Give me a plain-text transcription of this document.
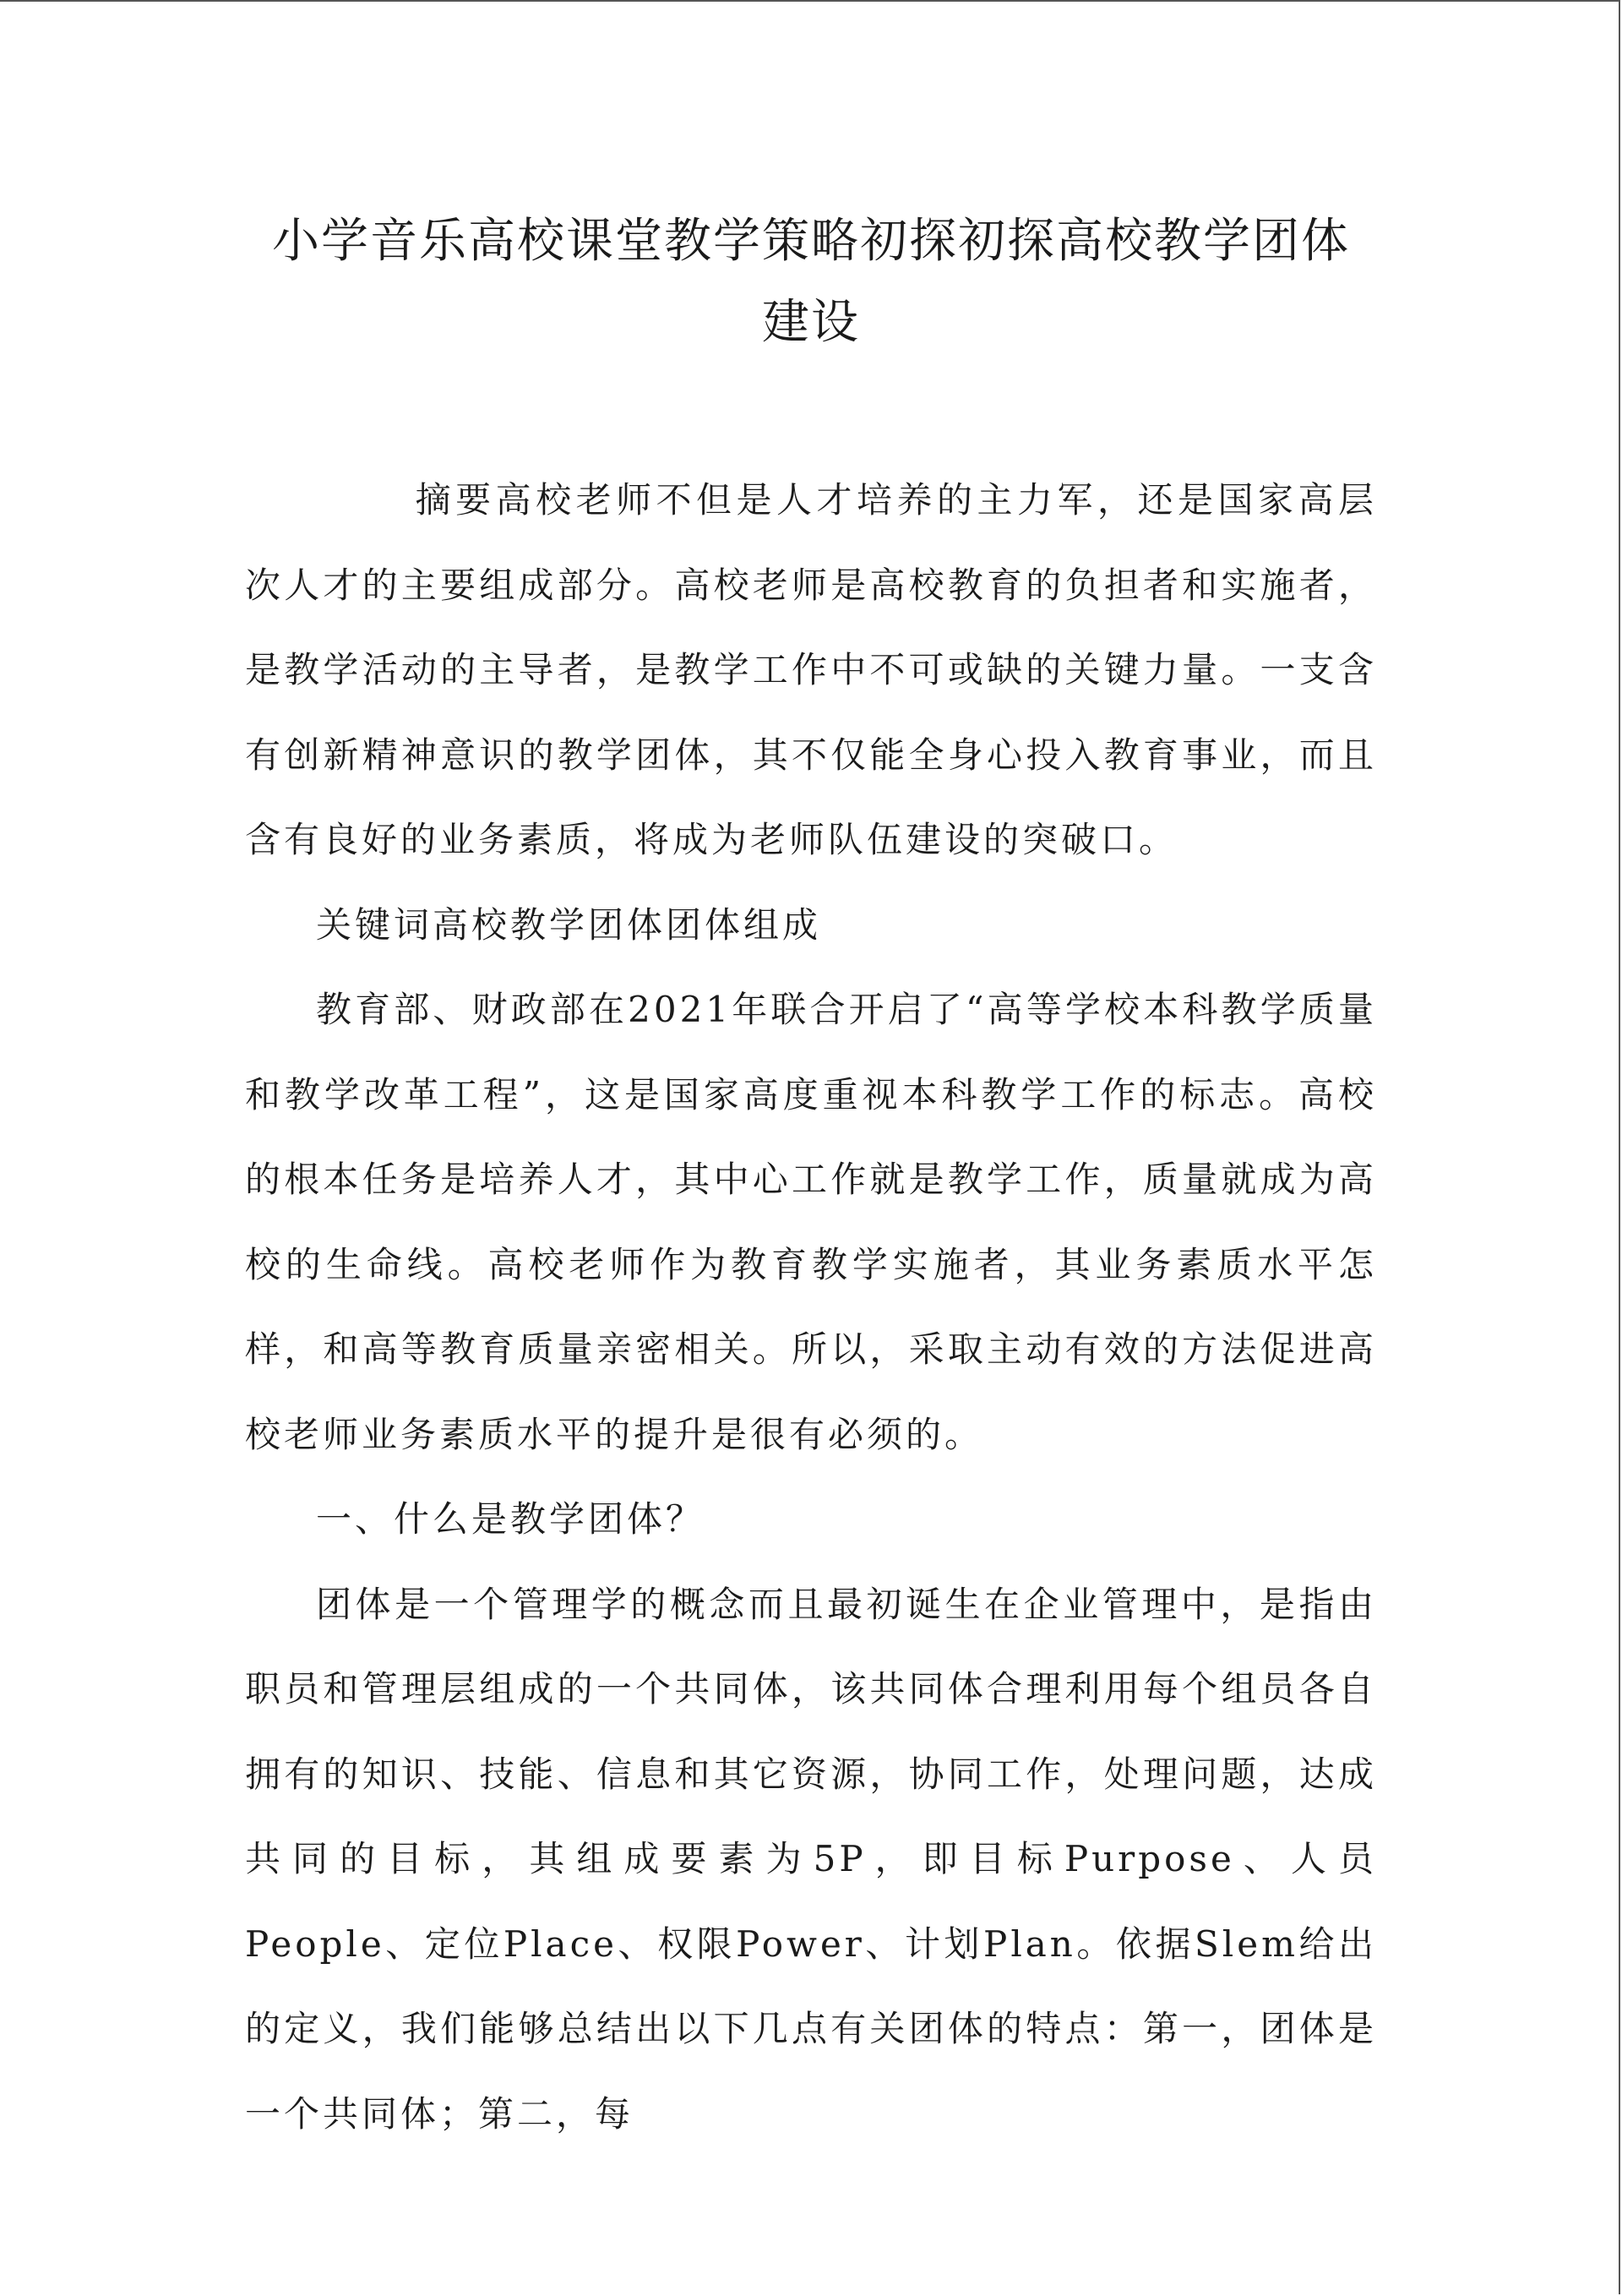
小学音乐高校课堂教学策略初探初探高校教学团体
建设

摘要高校老师不但是人才培养的主力军，还是国家高层次人才的主要组成部分。高校老师是高校教育的负担者和实施者，是教学活动的主导者，是教学工作中不可或缺的关键力量。一支含有创新精神意识的教学团体，其不仅能全身心投入教育事业，而且含有良好的业务素质，将成为老师队伍建设的突破口。

关键词高校教学团体团体组成

教育部、财政部在2021年联合开启了“高等学校本科教学质量和教学改革工程”，这是国家高度重视本科教学工作的标志。高校的根本任务是培养人才，其中心工作就是教学工作，质量就成为高校的生命线。高校老师作为教育教学实施者，其业务素质水平怎样，和高等教育质量亲密相关。所以，采取主动有效的方法促进高校老师业务素质水平的提升是很有必须的。

一、什么是教学团体？

团体是一个管理学的概念而且最初诞生在企业管理中，是指由职员和管理层组成的一个共同体，该共同体合理利用每个组员各自拥有的知识、技能、信息和其它资源，协同工作，处理问题，达成共同的目标，其组成要素为5P，即目标Purpose、人员People、定位Place、权限Power、计划Plan。依据Slem给出的定义，我们能够总结出以下几点有关团体的特点：第一，团体是一个共同体；第二，每
